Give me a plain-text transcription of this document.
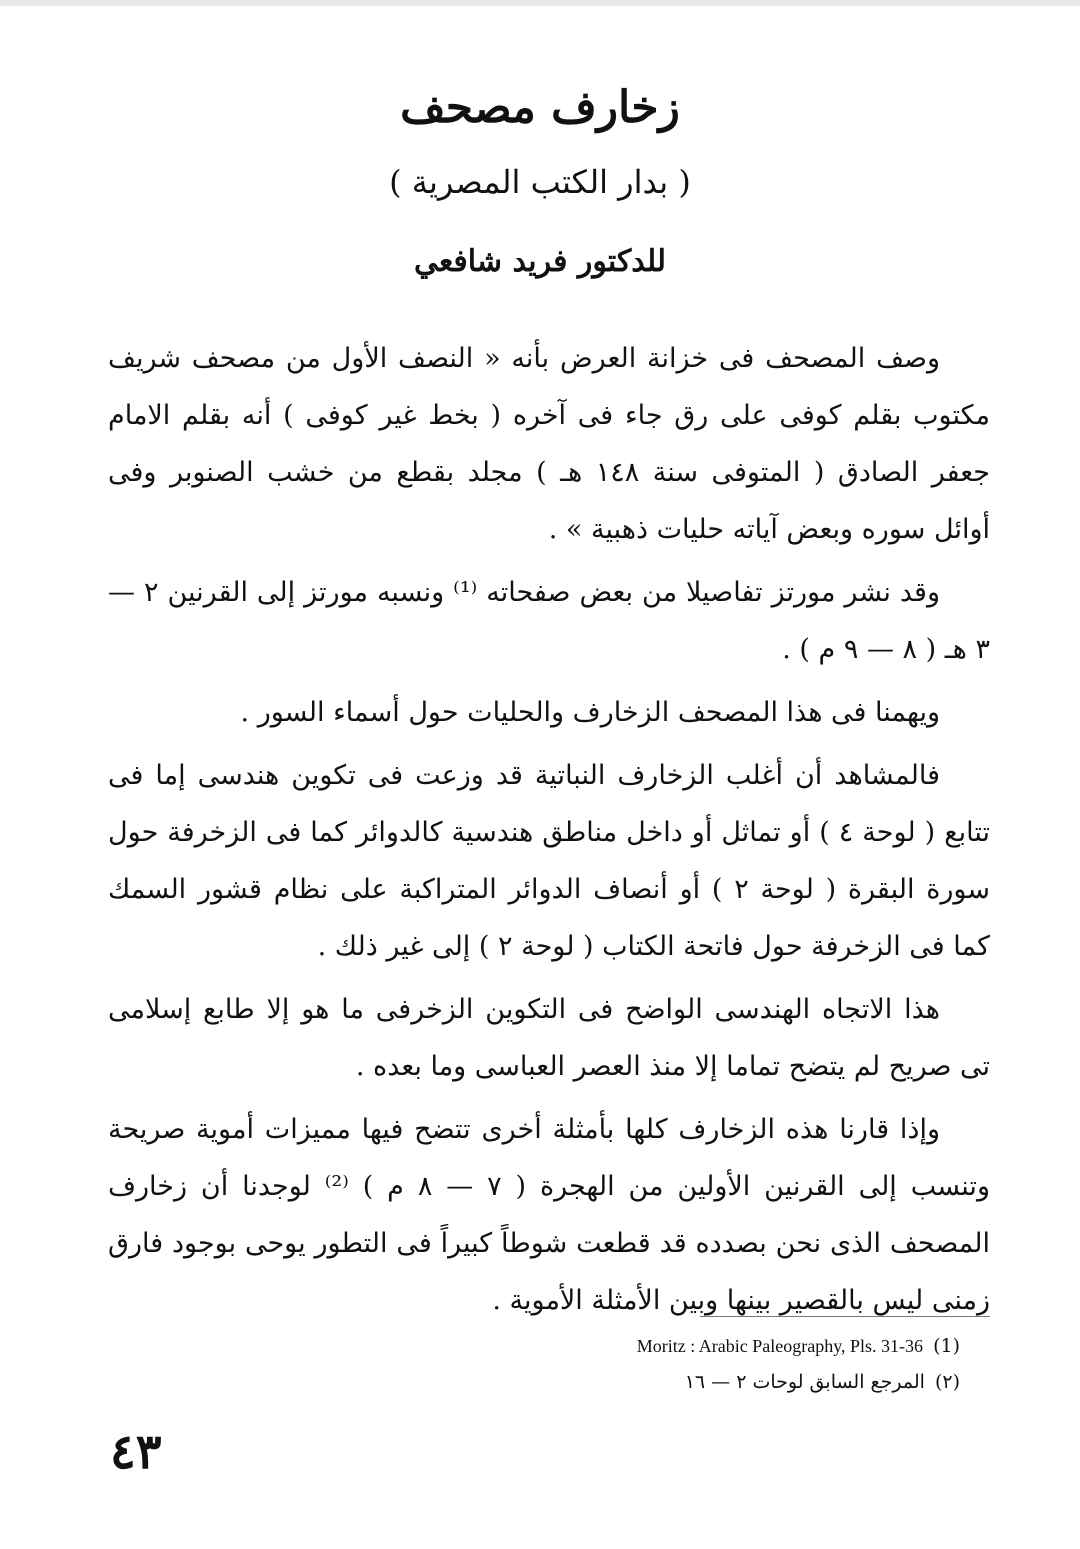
زخارف مصحف
( بدار الكتب المصرية )
للدكتور فريد شافعي

وصف المصحف فى خزانة العرض بأنه « النصف الأول من مصحف شريف مكتوب بقلم كوفى على رق جاء فى آخره ( بخط غير كوفى ) أنه بقلم الامام جعفر الصادق ( المتوفى سنة ١٤٨ هـ ) مجلد بقطع من خشب الصنوبر وفى أوائل سوره وبعض آياته حليات ذهبية » .

وقد نشر مورتز تفاصيلا من بعض صفحاته ⁽¹⁾ ونسبه مورتز إلى القرنين ٢ — ٣ هـ ( ٨ — ٩ م ) .

ويهمنا فى هذا المصحف الزخارف والحليات حول أسماء السور .

فالمشاهد أن أغلب الزخارف النباتية قد وزعت فى تكوين هندسى إما فى تتابع ( لوحة ٤ ) أو تماثل أو داخل مناطق هندسية كالدوائر كما فى الزخرفة حول سورة البقرة ( لوحة ٢ ) أو أنصاف الدوائر المتراكبة على نظام قشور السمك كما فى الزخرفة حول فاتحة الكتاب ( لوحة ٢ ) إلى غير ذلك .

هذا الاتجاه الهندسى الواضح فى التكوين الزخرفى ما هو إلا طابع إسلامى تى صريح لم يتضح تماما إلا منذ العصر العباسى وما بعده .

وإذا قارنا هذه الزخارف كلها بأمثلة أخرى تتضح فيها مميزات أموية صريحة وتنسب إلى القرنين الأولين من الهجرة ( ٧ — ٨ م ) ⁽²⁾ لوجدنا أن زخارف المصحف الذى نحن بصدده قد قطعت شوطاً كبيراً فى التطور يوحى بوجود فارق زمنى ليس بالقصير بينها وبين الأمثلة الأموية .

(1)
Moritz : Arabic Paleography, Pls. 31-36
(٢)
المرجع السابق لوحات ٢ — ١٦
٤٣
